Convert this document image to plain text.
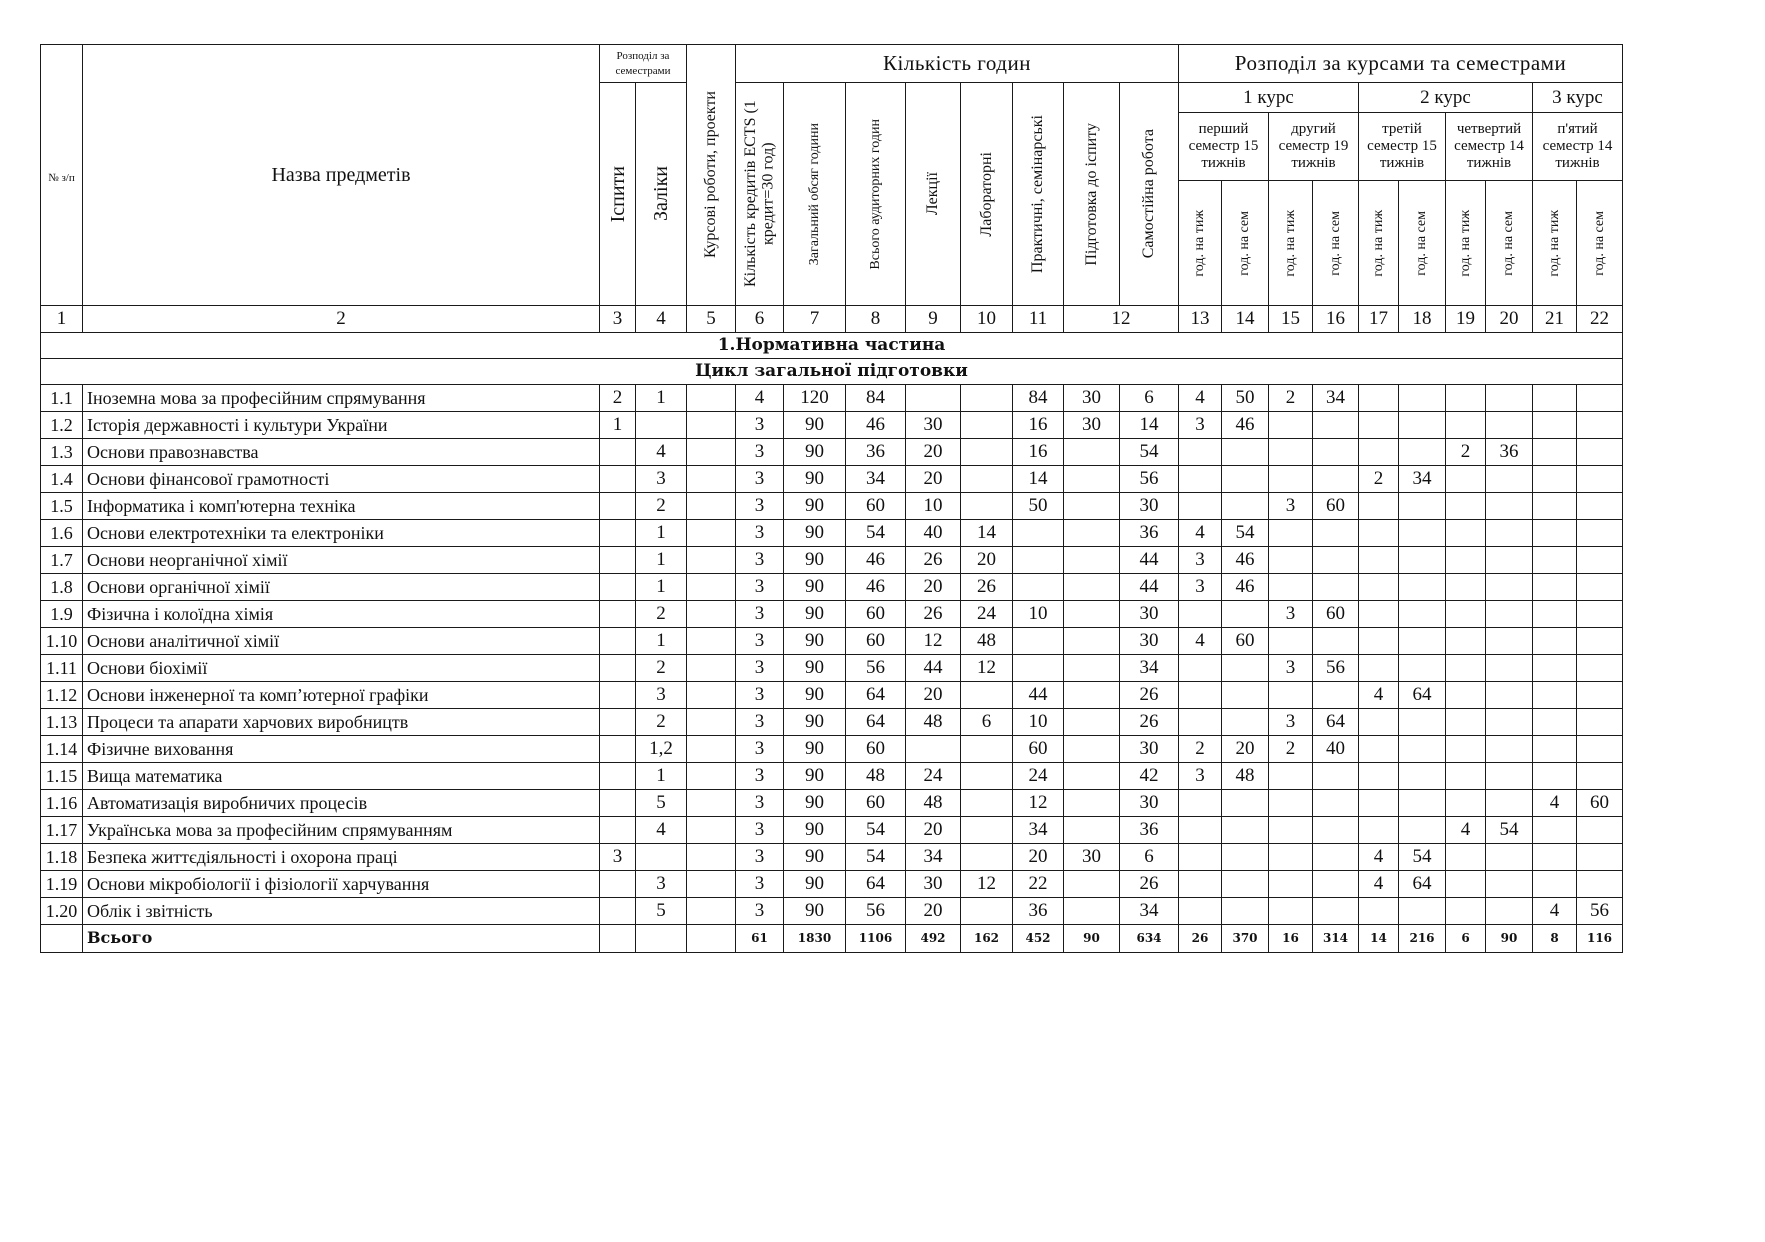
№ з/п	Назва предметів	Розподіл за семестрами		Курсові роботи, проекти	Кількість годин								Розподіл за курсами та семестрами									

		Іспити	Заліки		Кількість кредитів ECTS (1 кредит=30 год)	Загальний обсяг години	Всього аудиторних годин	Лекції	Лабораторні	Практичні, семінарські	Підготовка до іспиту	Самостійна робота	1 курс				2 курс				3 курс	
													перший семестр 15 тижнів		другий семестр 19 тижнів		третій семестр 15 тижнів		четвертий семестр 14 тижнів		п'ятий семестр 14 тижнів	

													год. на тиж	год. на сем	год. на тиж	год. на сем	год. на тиж	год. на сем	год. на тиж	год. на сем	год. на тиж	год. на сем

1	2	3	4	5	6	7	8	9	10	11	12		13	14	15	16	17	18	19	20	21	22
1.Нормативна частина																						
Цикл загальної підготовки																						
1.1	Іноземна мова за професійним спрямування	2	1		4	120	84			84	30	6	4	50	2	34						
1.2	Історія державності і культури України	1			3	90	46	30		16	30	14	3	46								
1.3	Основи правознавства		4		3	90	36	20		16		54							2	36		
1.4	Основи фінансової грамотності		3		3	90	34	20		14		56					2	34				
1.5	Інформатика і комп'ютерна техніка		2		3	90	60	10		50		30			3	60						
1.6	Основи електротехніки та електроніки		1		3	90	54	40	14			36	4	54								
1.7	Основи неорганічної хімії		1		3	90	46	26	20			44	3	46								
1.8	Основи органічної хімії		1		3	90	46	20	26			44	3	46								
1.9	Фізична і колоїдна хімія		2		3	90	60	26	24	10		30			3	60						
1.10	Основи аналітичної хімії		1		3	90	60	12	48			30	4	60								
1.11	Основи біохімії		2		3	90	56	44	12			34			3	56						
1.12	Основи інженерної та комп’ютерної графіки		3		3	90	64	20		44		26					4	64				
1.13	Процеси та апарати харчових виробництв		2		3	90	64	48	6	10		26			3	64						
1.14	Фізичне виховання		1,2		3	90	60			60		30	2	20	2	40						
1.15	Вища математика		1		3	90	48	24		24		42	3	48								
1.16	Автоматизація виробничих процесів		5		3	90	60	48		12		30									4	60
1.17	Українська мова за професійним спрямуванням		4		3	90	54	20		34		36							4	54		
1.18	Безпека життєдіяльності і охорона праці	3			3	90	54	34		20	30	6					4	54				
1.19	Основи мікробіології і фізіології харчування		3		3	90	64	30	12	22		26					4	64				
1.20	Облік і звітність		5		3	90	56	20		36		34									4	56
	Всього				61	1830	1106	492	162	452	90	634	26	370	16	314	14	216	6	90	8	116
